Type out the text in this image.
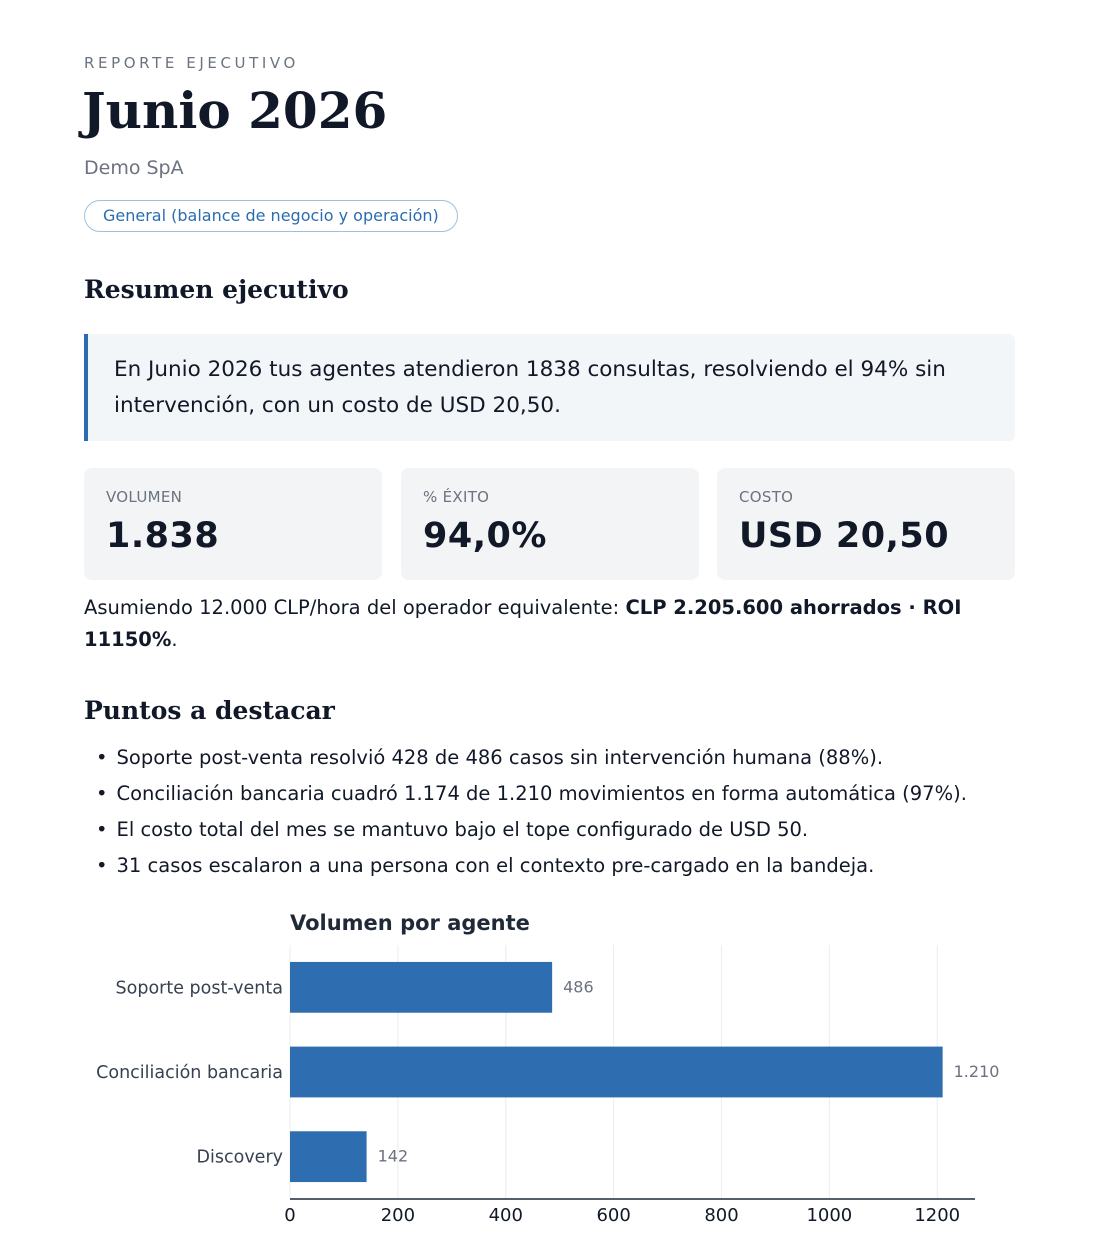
REPORTE EJECUTIVO
Junio 2026
Demo SpA
General (balance de negocio y operación)
Resumen ejecutivo
En Junio 2026 tus agentes atendieron 1838 consultas, resolviendo el 94% sin intervención, con un costo de USD 20,50.
VOLUMEN
1.838
% ÉXITO
94,0%
COSTO
USD 20,50
Asumiendo 12.000 CLP/hora del operador equivalente: CLP 2.205.600 ahorrados · ROI 11150%.
Puntos a destacar
• Soporte post-venta resolvió 428 de 486 casos sin intervención humana (88%).
• Conciliación bancaria cuadró 1.174 de 1.210 movimientos en forma automática (97%).
• El costo total del mes se mantuvo bajo el tope configurado de USD 50.
• 31 casos escalaron a una persona con el contexto pre-cargado en la bandeja.
Volumen por agente
Soporte post-venta	486
Conciliación bancaria	1.210
Discovery	142
0	200	400	600	800	1000	1200
